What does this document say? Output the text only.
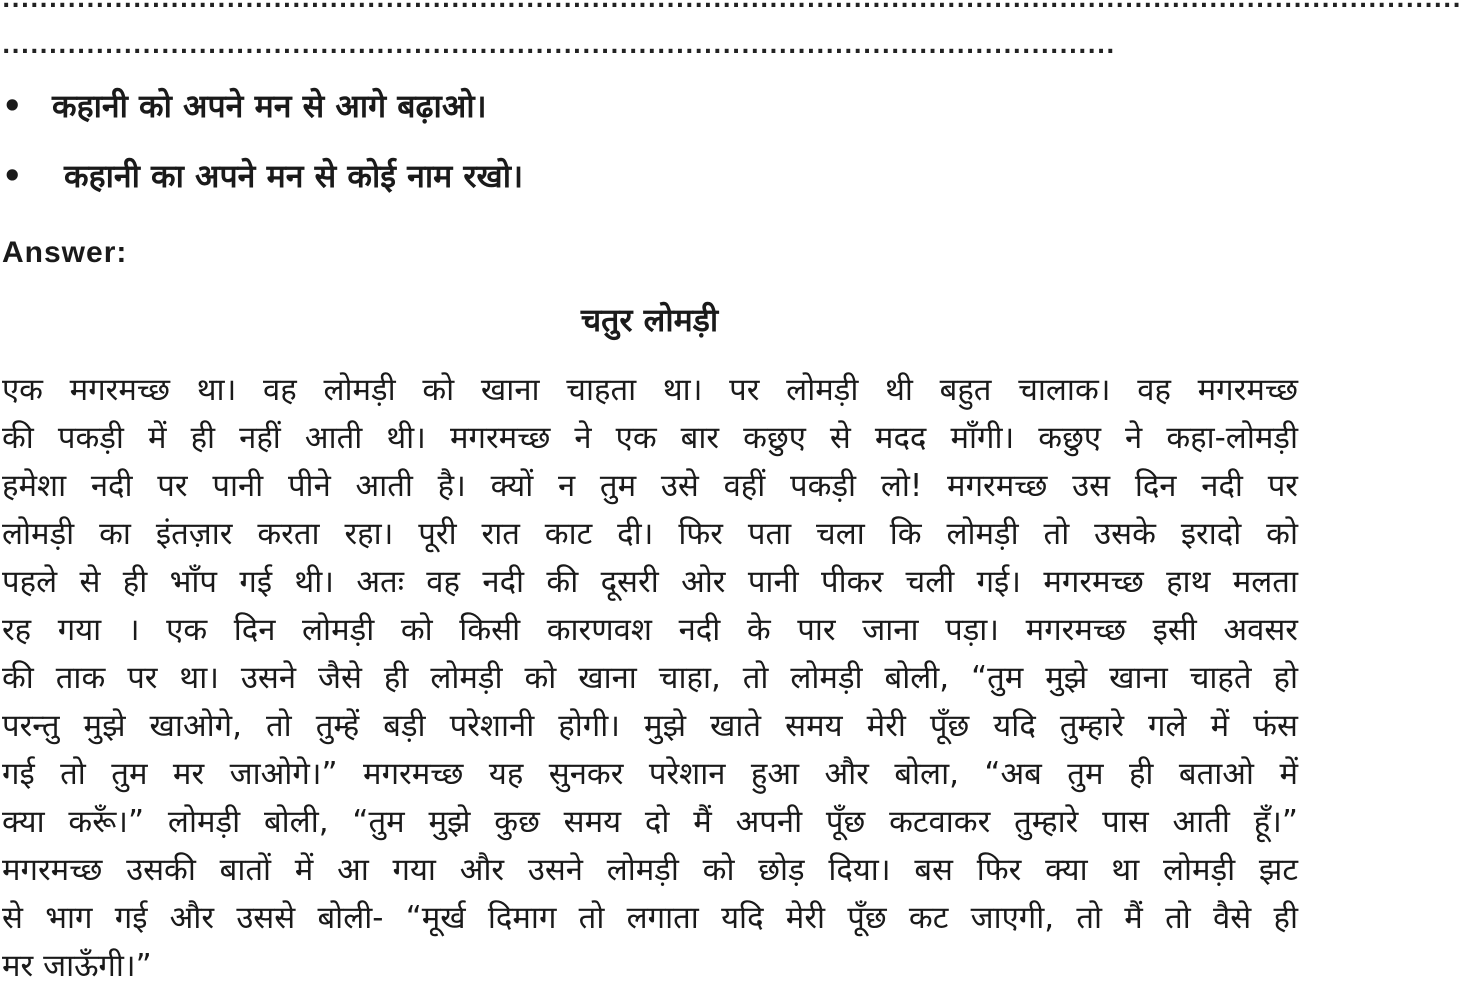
............................................................................................................................................................
.......................................................................................................................
• कहानी को अपने मन से आगे बढ़ाओ।
• कहानी का अपने मन से कोई नाम रखो।
Answer:
चतुर लोमड़ी
एक मगरमच्छ था। वह लोमड़ी को खाना चाहता था। पर लोमड़ी थी बहुत चालाक। वह मगरमच्छ
की पकड़ी में ही नहीं आती थी। मगरमच्छ ने एक बार कछुए से मदद माँगी। कछुए ने कहा-लोमड़ी
हमेशा नदी पर पानी पीने आती है। क्यों न तुम उसे वहीं पकड़ी लो! मगरमच्छ उस दिन नदी पर
लोमड़ी का इंतज़ार करता रहा। पूरी रात काट दी। फिर पता चला कि लोमड़ी तो उसके इरादो को
पहले से ही भाँप गई थी। अतः वह नदी की दूसरी ओर पानी पीकर चली गई। मगरमच्छ हाथ मलता
रह गया । एक दिन लोमड़ी को किसी कारणवश नदी के पार जाना पड़ा। मगरमच्छ इसी अवसर
की ताक पर था। उसने जैसे ही लोमड़ी को खाना चाहा, तो लोमड़ी बोली, “तुम मुझे खाना चाहते हो
परन्तु मुझे खाओगे, तो तुम्हें बड़ी परेशानी होगी। मुझे खाते समय मेरी पूँछ यदि तुम्हारे गले में फंस
गई तो तुम मर जाओगे।” मगरमच्छ यह सुनकर परेशान हुआ और बोला, “अब तुम ही बताओ में
क्या करूँ।” लोमड़ी बोली, “तुम मुझे कुछ समय दो मैं अपनी पूँछ कटवाकर तुम्हारे पास आती हूँ।”
मगरमच्छ उसकी बातों में आ गया और उसने लोमड़ी को छोड़ दिया। बस फिर क्या था लोमड़ी झट
से भाग गई और उससे बोली- “मूर्ख दिमाग तो लगाता यदि मेरी पूँछ कट जाएगी, तो मैं तो वैसे ही
मर जाऊँगी।”
